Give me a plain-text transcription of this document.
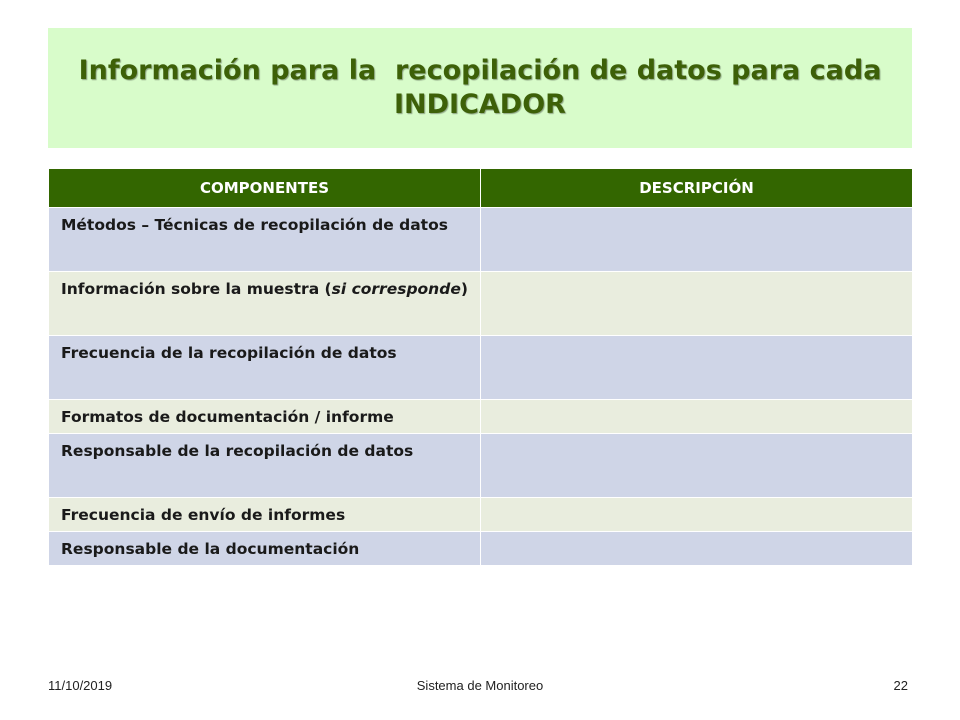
Información para la  recopilación de datos para cada
INDICADOR
COMPONENTES	DESCRIPCIÓN
Métodos – Técnicas de recopilación de datos	
Información sobre la muestra (si corresponde)	
Frecuencia de la recopilación de datos	
Formatos de documentación / informe	
Responsable de la recopilación de datos	
Frecuencia de envío de informes	
Responsable de la documentación	
11/10/2019	Sistema de Monitoreo	22
